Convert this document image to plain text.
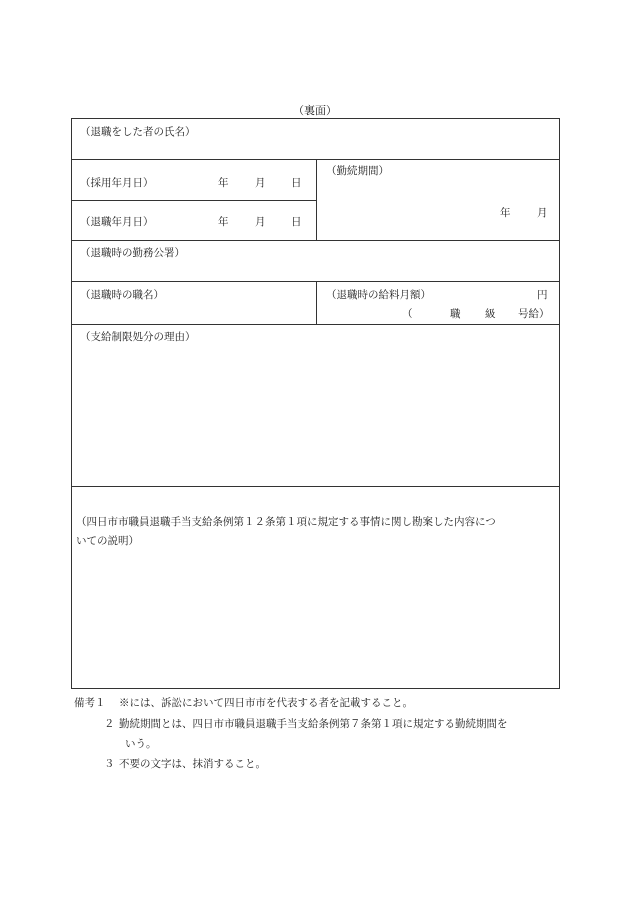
（裏面）
（退職をした者の氏名）
（採用年月日）	年	月 日
（退職年月日）	年	月 日
（勤続期間）
年	月
（退職時の勤務公署）
（退職時の職名）	（退職時の給料月額）	円
（	職 級 号給）
（支給制限処分の理由）
（四日市市職員退職手当支給条例第１２条第１項に規定する事情に関し勘案した内容につ
いての説明）
備考１ ※には、訴訟において四日市市を代表する者を記載すること。
２ 勤続期間とは、四日市市職員退職手当支給条例第７条第１項に規定する勤続期間を
いう。
３ 不要の文字は、抹消すること。
